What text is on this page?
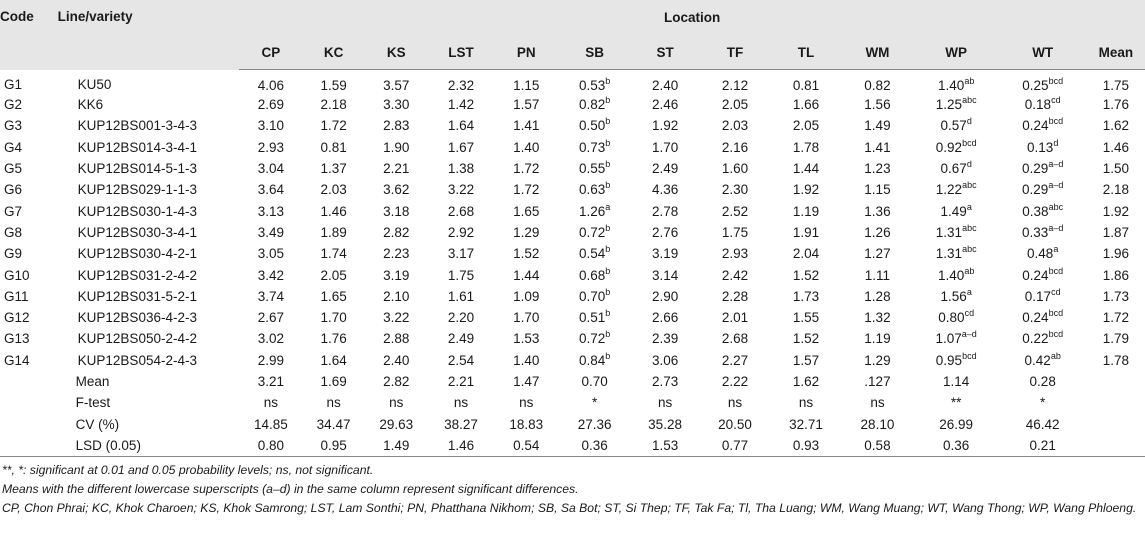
Code	Line/variety	Location												
		CP	KC	KS	LST	PN	SB	ST	TF	TL	WM	WP	WT	Mean
G1	KU50	4.06	1.59	3.57	2.32	1.15	0.53$^b$	2.40	2.12	0.81	0.82	1.40$^{ab}$	0.25$^{bcd}$	1.75
G2	KK6	2.69	2.18	3.30	1.42	1.57	0.82$^b$	2.46	2.05	1.66	1.56	1.25$^{abc}$	0.18$^{cd}$	1.76
G3	KUP12BS001-3-4-3	3.10	1.72	2.83	1.64	1.41	0.50$^b$	1.92	2.03	2.05	1.49	0.57$^d$	0.24$^{bcd}$	1.62
G4	KUP12BS014-3-4-1	2.93	0.81	1.90	1.67	1.40	0.73$^b$	1.70	2.16	1.78	1.41	0.92$^{bcd}$	0.13$^d$	1.46
G5	KUP12BS014-5-1-3	3.04	1.37	2.21	1.38	1.72	0.55$^b$	2.49	1.60	1.44	1.23	0.67$^d$	0.29$^{a-d}$	1.50
G6	KUP12BS029-1-1-3	3.64	2.03	3.62	3.22	1.72	0.63$^b$	4.36	2.30	1.92	1.15	1.22$^{abc}$	0.29$^{a-d}$	2.18
G7	KUP12BS030-1-4-3	3.13	1.46	3.18	2.68	1.65	1.26$^a$	2.78	2.52	1.19	1.36	1.49$^a$	0.38$^{abc}$	1.92
G8	KUP12BS030-3-4-1	3.49	1.89	2.82	2.92	1.29	0.72$^b$	2.76	1.75	1.91	1.26	1.31$^{abc}$	0.33$^{a-d}$	1.87
G9	KUP12BS030-4-2-1	3.05	1.74	2.23	3.17	1.52	0.54$^b$	3.19	2.93	2.04	1.27	1.31$^{abc}$	0.48$^a$	1.96
G10	KUP12BS031-2-4-2	3.42	2.05	3.19	1.75	1.44	0.68$^b$	3.14	2.42	1.52	1.11	1.40$^{ab}$	0.24$^{bcd}$	1.86
G11	KUP12BS031-5-2-1	3.74	1.65	2.10	1.61	1.09	0.70$^b$	2.90	2.28	1.73	1.28	1.56$^a$	0.17$^{cd}$	1.73
G12	KUP12BS036-4-2-3	2.67	1.70	3.22	2.20	1.70	0.51$^b$	2.66	2.01	1.55	1.32	0.80$^{cd}$	0.24$^{bcd}$	1.72
G13	KUP12BS050-2-4-2	3.02	1.76	2.88	2.49	1.53	0.72$^b$	2.39	2.68	1.52	1.19	1.07$^{a-d}$	0.22$^{bcd}$	1.79
G14	KUP12BS054-2-4-3	2.99	1.64	2.40	2.54	1.40	0.84$^b$	3.06	2.27	1.57	1.29	0.95$^{bcd}$	0.42$^{ab}$	1.78
	Mean	3.21	1.69	2.82	2.21	1.47	0.70	2.73	2.22	1.62	.127	1.14	0.28	
	F-test	ns	ns	ns	ns	ns	*	ns	ns	ns	ns	**	*	
	CV (%)	14.85	34.47	29.63	38.27	18.83	27.36	35.28	20.50	32.71	28.10	26.99	46.42	
	LSD (0.05)	0.80	0.95	1.49	1.46	0.54	0.36	1.53	0.77	0.93	0.58	0.36	0.21	

**, *: significant at 0.01 and 0.05 probability levels; ns, not significant.

Means with the different lowercase superscripts (a–d) in the same column represent significant differences.

CP, Chon Phrai; KC, Khok Charoen; KS, Khok Samrong; LST, Lam Sonthi; PN, Phatthana Nikhom; SB, Sa Bot; ST, Si Thep; TF, Tak Fa; Tl, Tha Luang; WM, Wang Muang; WT, Wang Thong; WP, Wang Phloeng.
